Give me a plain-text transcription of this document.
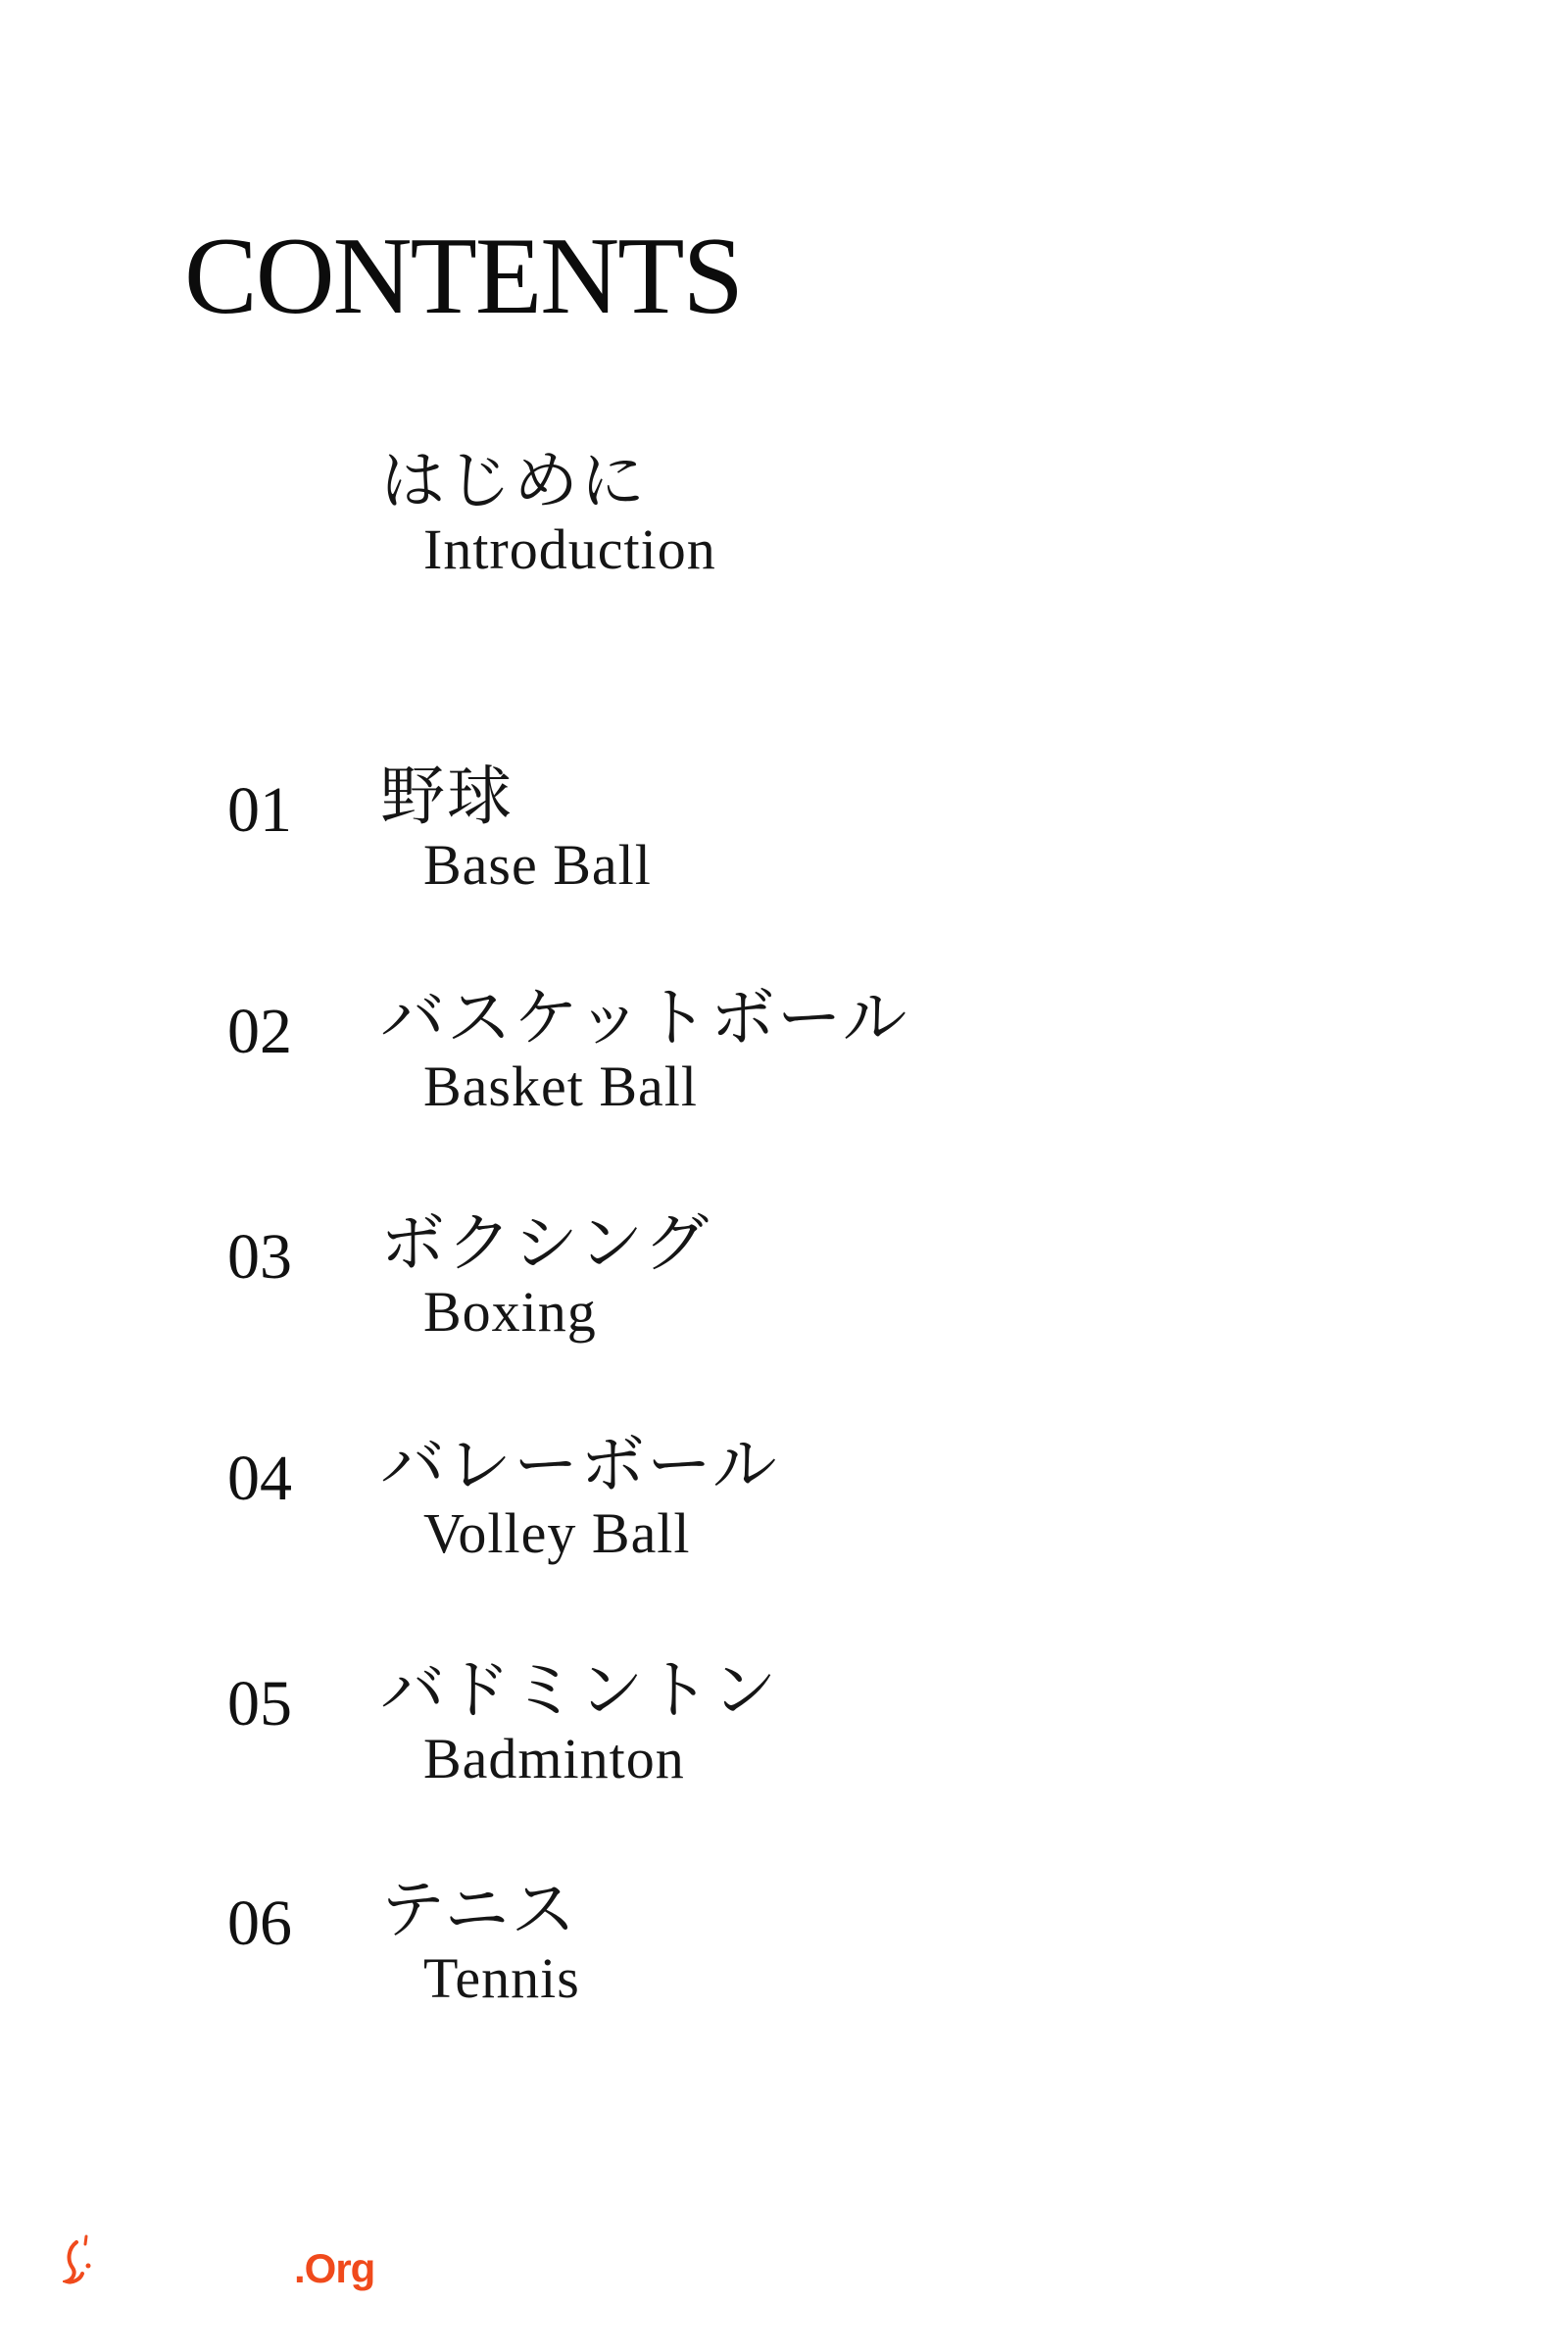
CONTENTS
はじめに
Introduction
01 野球
Base Ball
02 バスケットボール
Basket Ball
03 ボクシング
Boxing
04 バレーボール
Volley Ball
05 バドミントン
Badminton
06 テニス
Tennis
.Org
